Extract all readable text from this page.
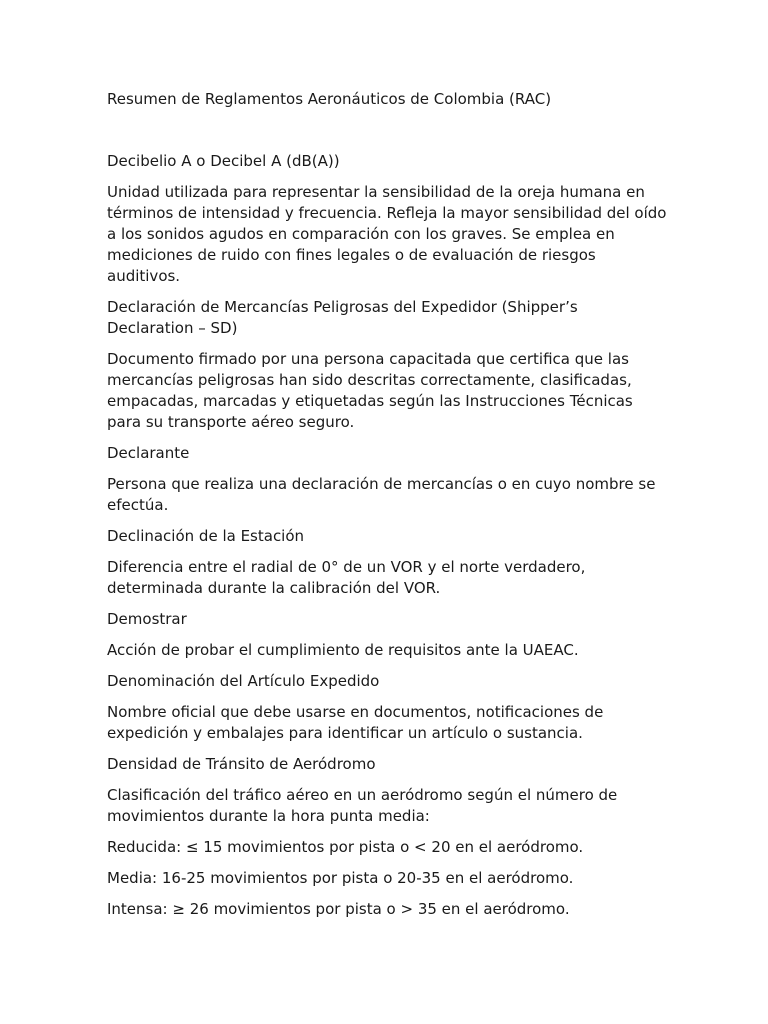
Resumen de Reglamentos Aeronáuticos de Colombia (RAC)

Decibelio A o Decibel A (dB(A))

Unidad utilizada para representar la sensibilidad de la oreja humana en términos de intensidad y frecuencia. Refleja la mayor sensibilidad del oído a los sonidos agudos en comparación con los graves. Se emplea en mediciones de ruido con fines legales o de evaluación de riesgos auditivos.

Declaración de Mercancías Peligrosas del Expedidor (Shipper’s Declaration – SD)

Documento firmado por una persona capacitada que certifica que las mercancías peligrosas han sido descritas correctamente, clasificadas, empacadas, marcadas y etiquetadas según las Instrucciones Técnicas para su transporte aéreo seguro.

Declarante

Persona que realiza una declaración de mercancías o en cuyo nombre se efectúa.

Declinación de la Estación

Diferencia entre el radial de 0° de un VOR y el norte verdadero, determinada durante la calibración del VOR.

Demostrar

Acción de probar el cumplimiento de requisitos ante la UAEAC.

Denominación del Artículo Expedido

Nombre oficial que debe usarse en documentos, notificaciones de expedición y embalajes para identificar un artículo o sustancia.

Densidad de Tránsito de Aeródromo

Clasificación del tráfico aéreo en un aeródromo según el número de movimientos durante la hora punta media:

Reducida: ≤ 15 movimientos por pista o < 20 en el aeródromo.

Media: 16-25 movimientos por pista o 20-35 en el aeródromo.

Intensa: ≥ 26 movimientos por pista o > 35 en el aeródromo.
